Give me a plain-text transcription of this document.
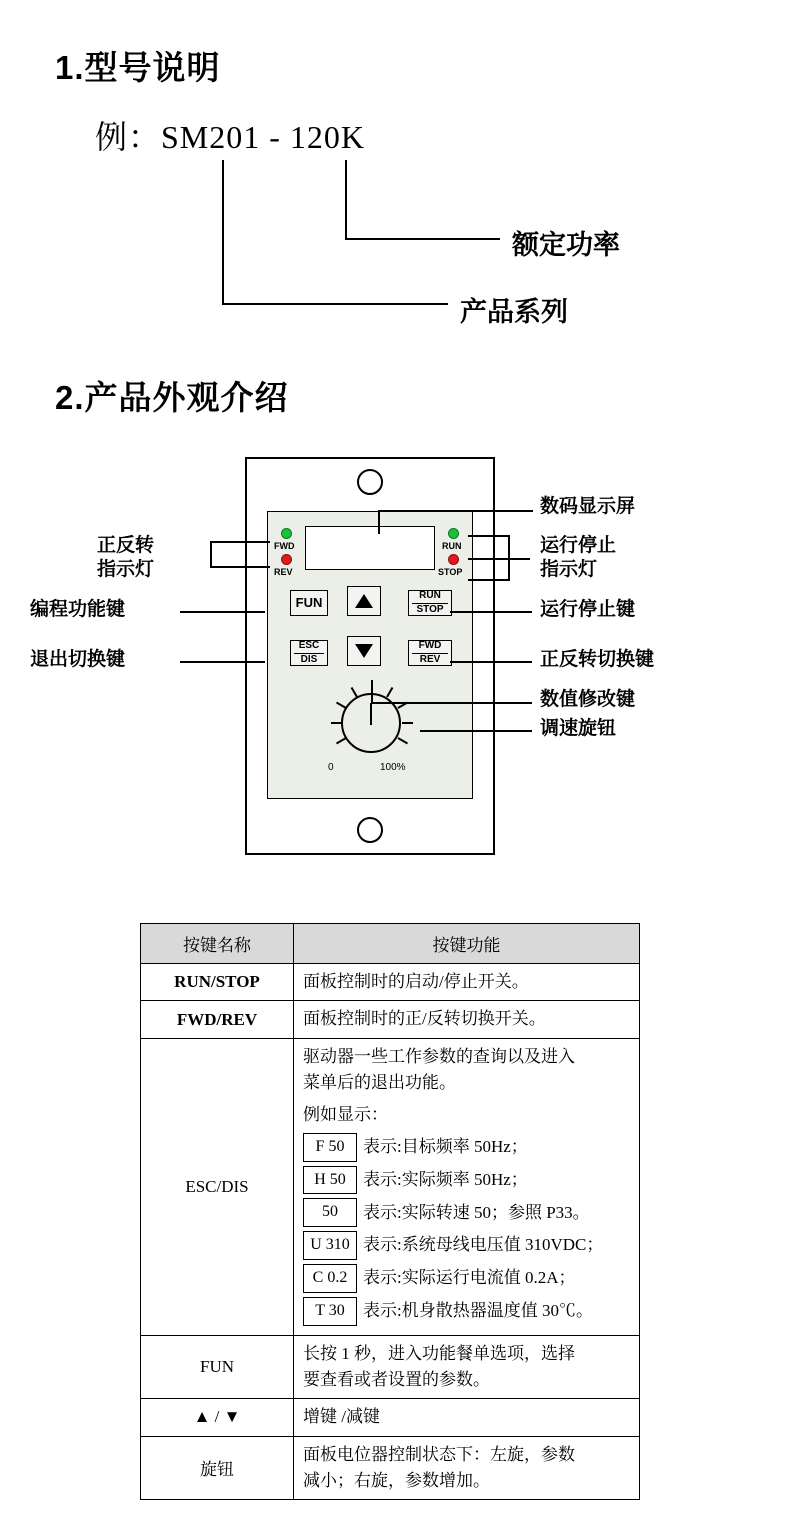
1.型号说明
例：SM201 - 120K
额定功率
产品系列
2.产品外观介绍
FWD
REV
RUN
STOP
FUN	RUN
STOP
ESC
DIS
FWD
REV
0	100%
数码显示屏
运行停止
指示灯
运行停止键
正反转切换键
数值修改键
调速旋钮
正反转
指示灯
编程功能键
退出切换键
按键名称	按键功能
RUN/STOP	面板控制时的启动/停止开关。
FWD/REV	面板控制时的正/反转切换开关。
ESC/DIS	
驱动器一些工作参数的查询以及进入
菜单后的退出功能。
例如显示：
F 50	表示:目标频率 50Hz；
H 50	表示:实际频率 50Hz；
50	表示:实际转速 50；参照 P33。
U 310 表示:系统母线电压值 310VDC；
C 0.2 表示:实际运行电流值 0.2A；
T 30	表示:机身散热器温度值 30℃。

FUN	长按 1 秒，进入功能餐单选项，选择
要查看或者设置的参数。

▲ / ▼	增键 /减键
旋钮	面板电位器控制状态下：左旋，参数
减小；右旋，参数增加。
